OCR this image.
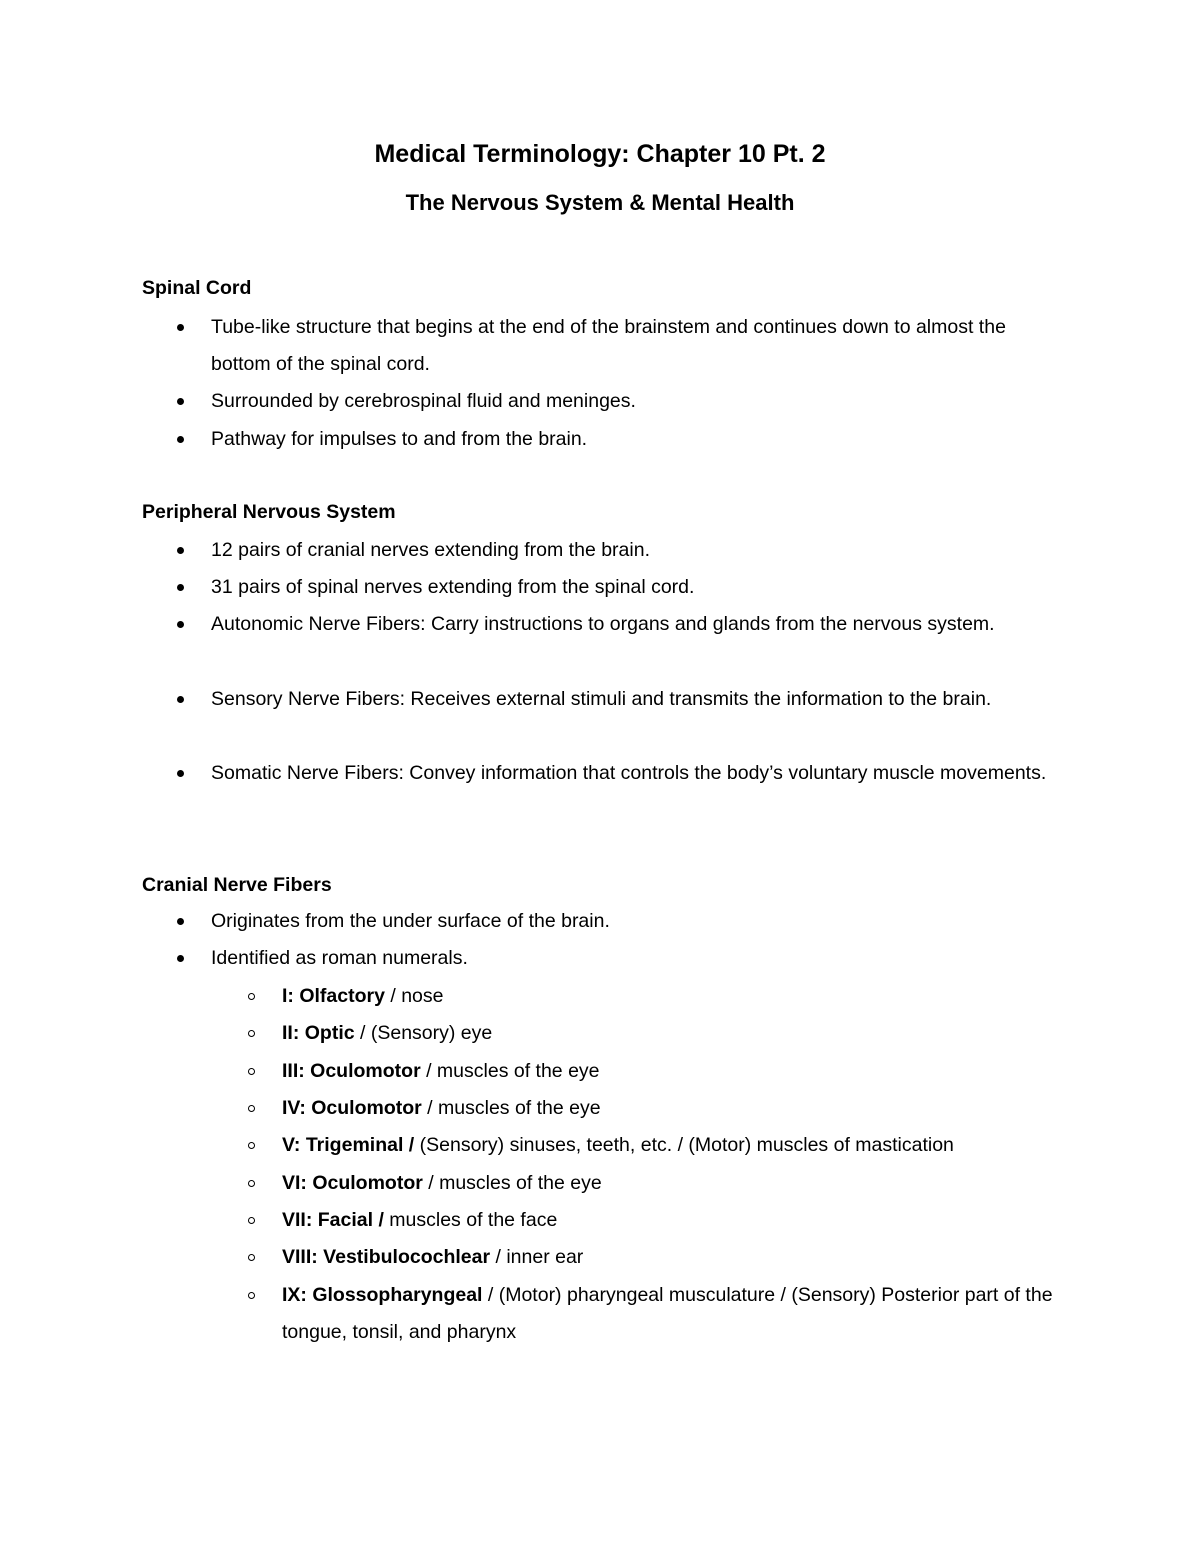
Medical Terminology: Chapter 10 Pt. 2
The Nervous System & Mental Health
Spinal Cord
Tube-like structure that begins at the end of the brainstem and continues down to almost the
bottom of the spinal cord.
Surrounded by cerebrospinal fluid and meninges.
Pathway for impulses to and from the brain.
Peripheral Nervous System
12 pairs of cranial nerves extending from the brain.
31 pairs of spinal nerves extending from the spinal cord.
Autonomic Nerve Fibers: Carry instructions to organs and glands from the nervous system.
Sensory Nerve Fibers: Receives external stimuli and transmits the information to the brain.
Somatic Nerve Fibers: Convey information that controls the body’s voluntary muscle movements.
Cranial Nerve Fibers
Originates from the under surface of the brain.
Identified as roman numerals.
I: Olfactory / nose
II: Optic / (Sensory) eye
III: Oculomotor / muscles of the eye
IV: Oculomotor / muscles of the eye
V: Trigeminal / (Sensory) sinuses, teeth, etc. / (Motor) muscles of mastication
VI: Oculomotor / muscles of the eye
VII: Facial / muscles of the face
VIII: Vestibulocochlear / inner ear
IX: Glossopharyngeal / (Motor) pharyngeal musculature / (Sensory) Posterior part of the
tongue, tonsil, and pharynx
